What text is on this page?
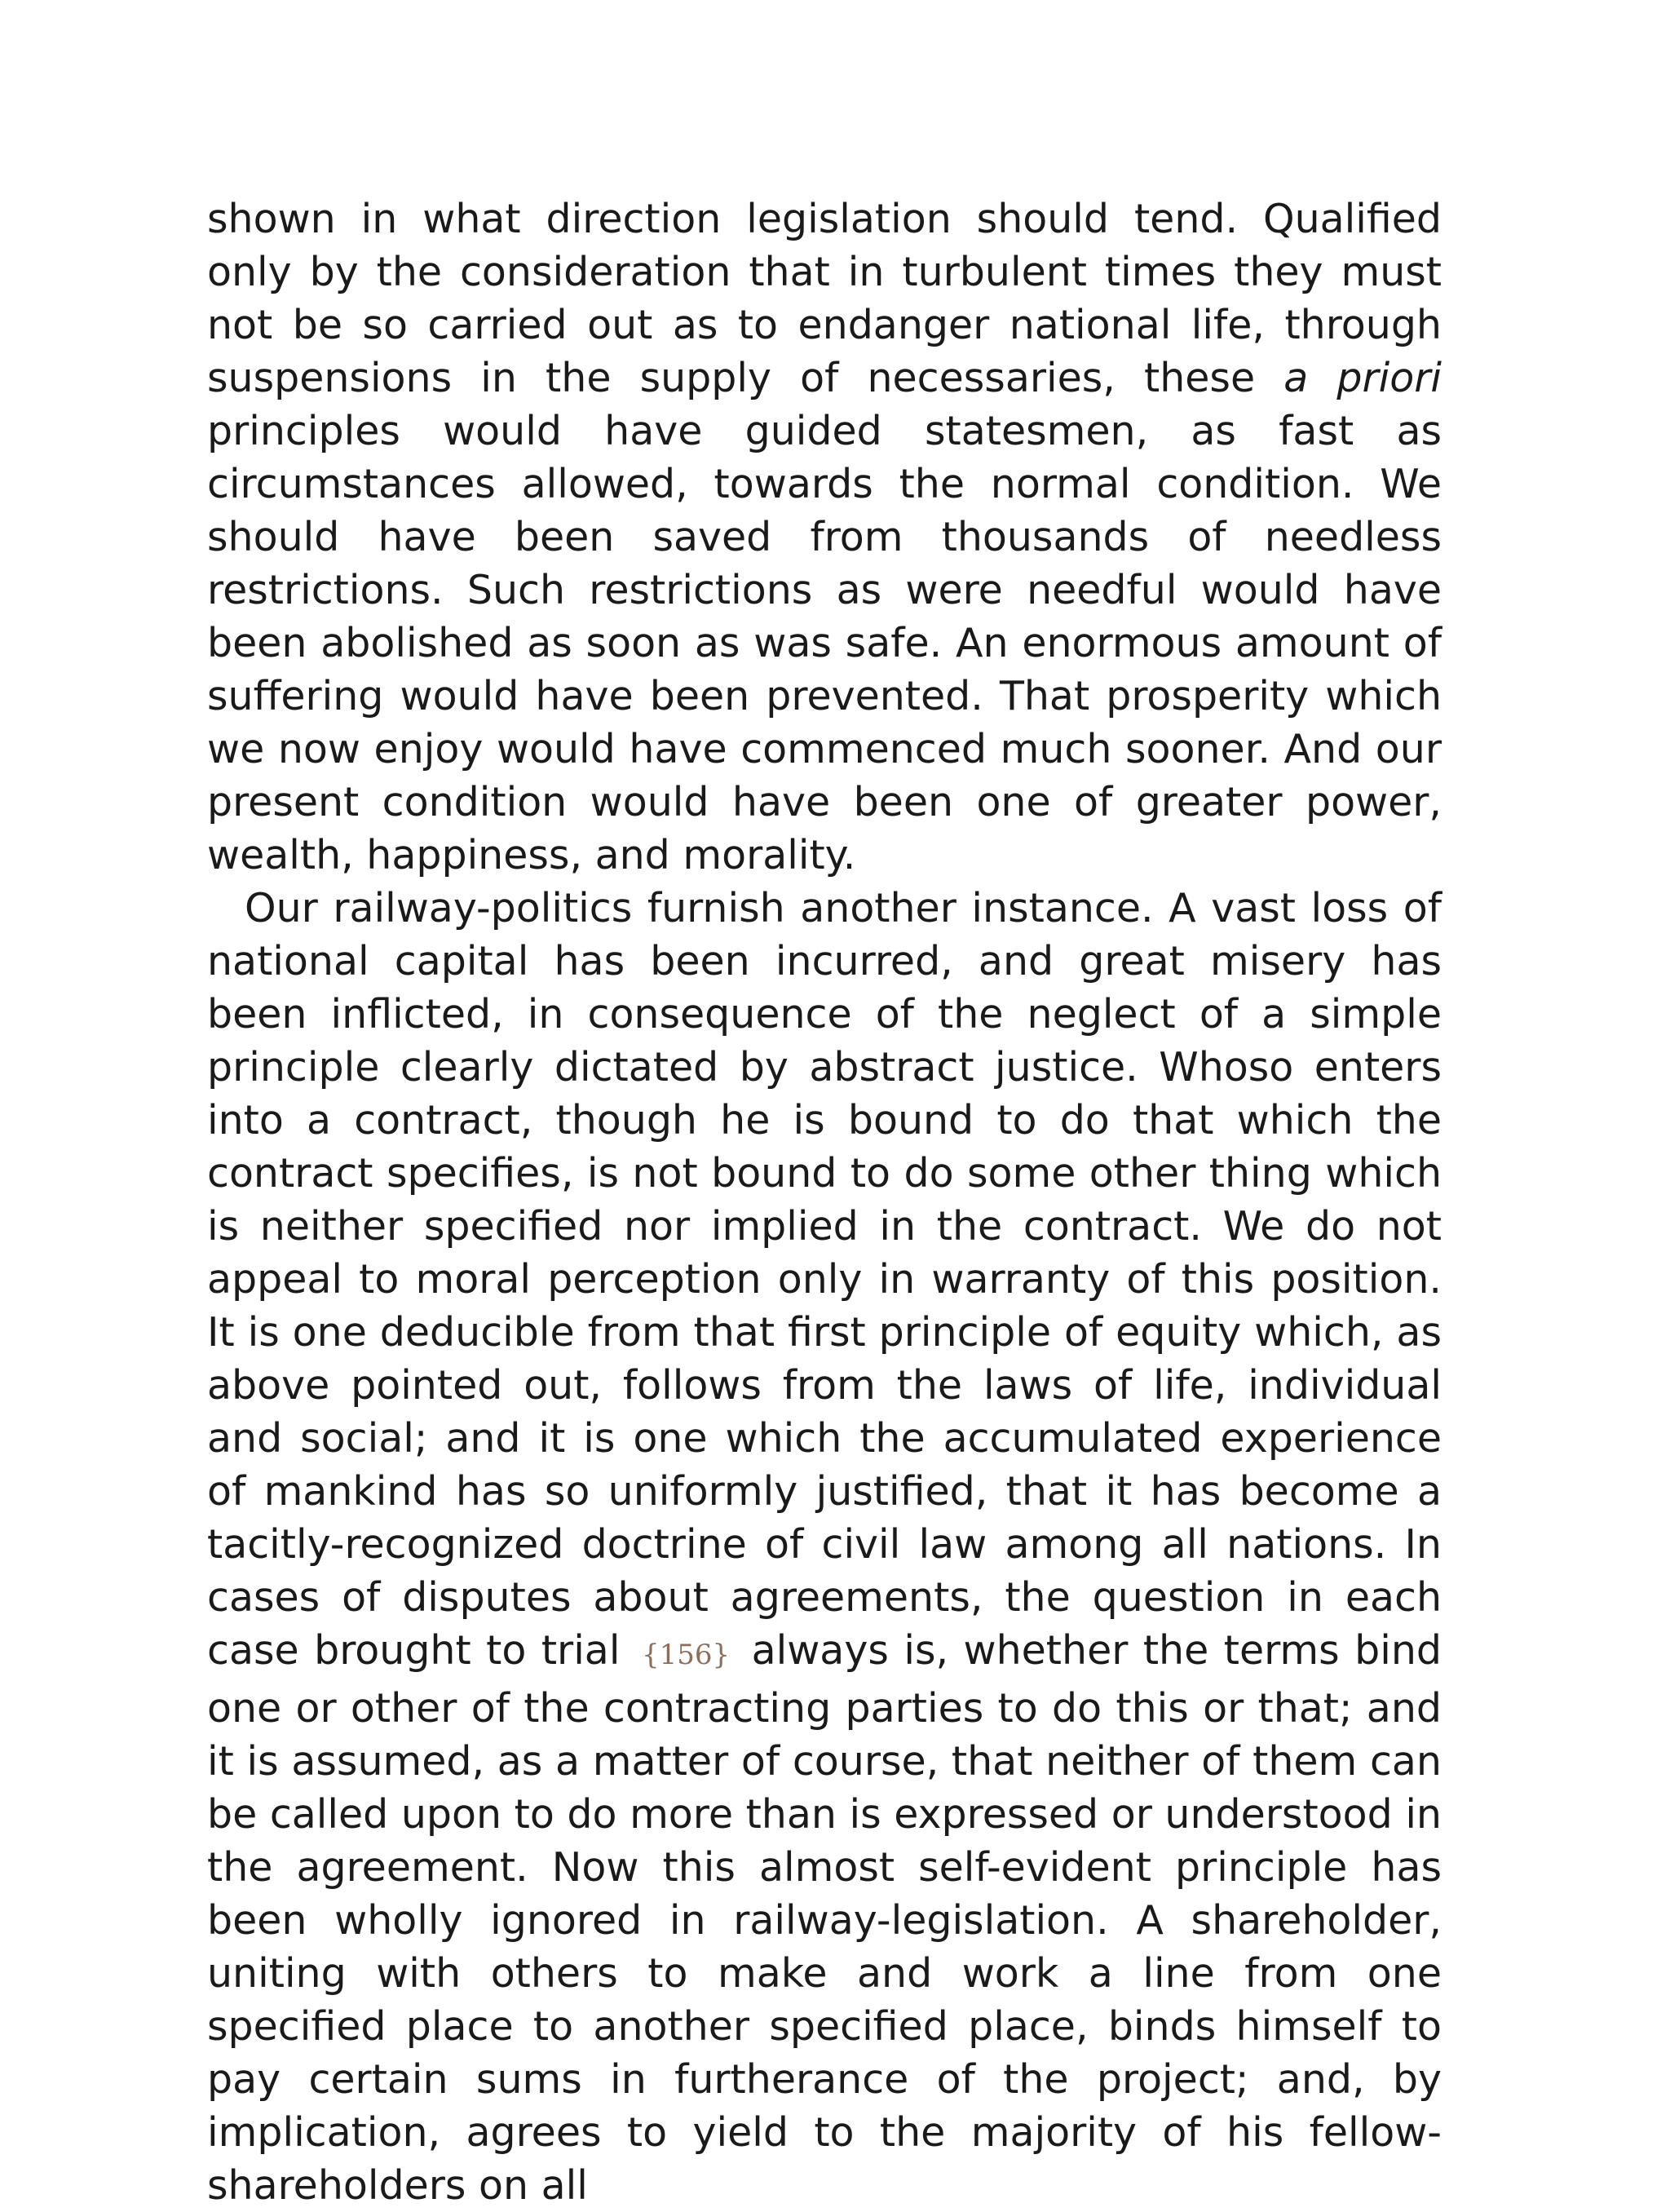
shown in what direction legislation should tend. Qualified only by the consideration that in turbulent times they must not be so carried out as to endanger national life, through suspensions in the supply of necessaries, these a priori principles would have guided statesmen, as fast as circumstances allowed, towards the normal condition. We should have been saved from thousands of needless restrictions. Such restrictions as were needful would have been abolished as soon as was safe. An enormous amount of suffering would have been prevented. That prosperity which we now enjoy would have commenced much sooner. And our present condition would have been one of greater power, wealth, happiness, and morality.

Our railway-politics furnish another instance. A vast loss of national capital has been incurred, and great misery has been inflicted, in consequence of the neglect of a simple principle clearly dictated by abstract justice. Whoso enters into a contract, though he is bound to do that which the contract specifies, is not bound to do some other thing which is neither specified nor implied in the contract. We do not appeal to moral perception only in warranty of this position. It is one deducible from that first principle of equity which, as above pointed out, follows from the laws of life, individual and social; and it is one which the accumulated experience of mankind has so uniformly justified, that it has become a tacitly-recognized doctrine of civil law among all nations. In cases of disputes about agreements, the question in each case brought to trial {156} always is, whether the terms bind one or other of the contracting parties to do this or that; and it is assumed, as a matter of course, that neither of them can be called upon to do more than is expressed or understood in the agreement. Now this almost self-evident principle has been wholly ignored in railway-legislation. A shareholder, uniting with others to make and work a line from one specified place to another specified place, binds himself to pay certain sums in furtherance of the project; and, by implication, agrees to yield to the majority of his fellow-shareholders on all
